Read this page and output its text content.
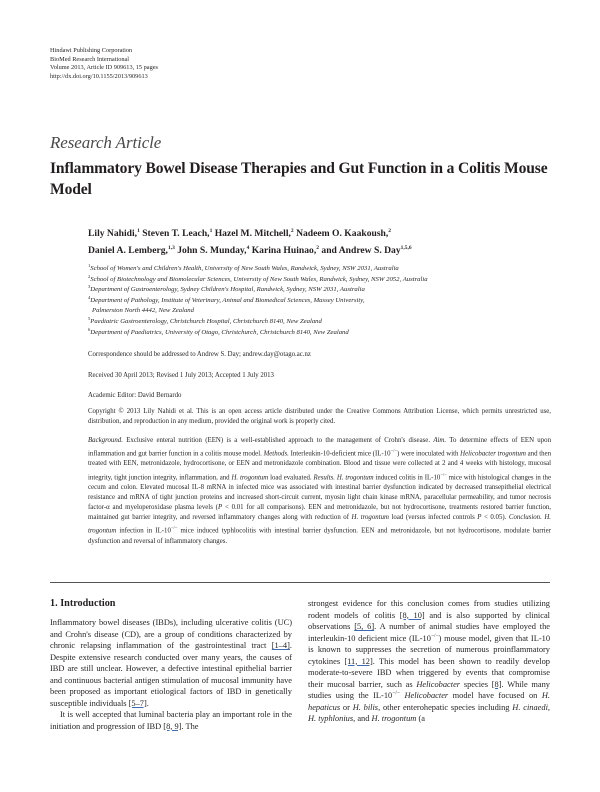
Hindawi Publishing Corporation
BioMed Research International
Volume 2013, Article ID 909613, 15 pages
http://dx.doi.org/10.1155/2013/909613
Research Article
Inflammatory Bowel Disease Therapies and Gut Function in a Colitis Mouse Model
Lily Nahidi,$^1$ Steven T. Leach,$^1$ Hazel M. Mitchell,$^2$ Nadeem O. Kaakoush,$^2$
Daniel A. Lemberg,$^{1,3}$ John S. Munday,$^4$ Karina Huinao,$^2$ and Andrew S. Day$^{1,5,6}$
$^1$School of Women's and Children's Health, University of New South Wales, Randwick, Sydney, NSW 2031, Australia
$^2$School of Biotechnology and Biomolecular Sciences, University of New South Wales, Randwick, Sydney, NSW 2052, Australia
$^3$Department of Gastroenterology, Sydney Children's Hospital, Randwick, Sydney, NSW 2031, Australia
$^4$Department of Pathology, Institute of Veterinary, Animal and Biomedical Sciences, Massey University,
Palmerston North 4442, New Zealand
$^5$Paediatric Gastroenterology, Christchurch Hospital, Christchurch 8140, New Zealand
$^6$Department of Paediatrics, University of Otago, Christchurch, Christchurch 8140, New Zealand
Correspondence should be addressed to Andrew S. Day; andrew.day@otago.ac.nz
Received 30 April 2013; Revised 1 July 2013; Accepted 1 July 2013
Academic Editor: David Bernardo
Copyright © 2013 Lily Nahidi et al. This is an open access article distributed under the Creative Commons Attribution License, which permits unrestricted use, distribution, and reproduction in any medium, provided the original work is properly cited.
Background. Exclusive enteral nutrition (EEN) is a well-established approach to the management of Crohn's disease. Aim. To determine effects of EEN upon inflammation and gut barrier function in a colitis mouse model. Methods. Interleukin-10-deficient mice (IL-10−/−) were inoculated with Helicobacter trogontum and then treated with EEN, metronidazole, hydrocortisone, or EEN and metronidazole combination. Blood and tissue were collected at 2 and 4 weeks with histology, mucosal integrity, tight junction integrity, inflammation, and H. trogontum load evaluated. Results. H. trogontum induced colitis in IL-10−/− mice with histological changes in the cecum and colon. Elevated mucosal IL-8 mRNA in infected mice was associated with intestinal barrier dysfunction indicated by decreased transepithelial electrical resistance and mRNA of tight junction proteins and increased short-circuit current, myosin light chain kinase mRNA, paracellular permeability, and tumor necrosis factor-α and myeloperoxidase plasma levels (P < 0.01 for all comparisons). EEN and metronidazole, but not hydrocortisone, treatments restored barrier function, maintained gut barrier integrity, and reversed inflammatory changes along with reduction of H. trogontum load (versus infected controls P < 0.05). Conclusion. H. trogontum infection in IL-10−/− mice induced typhlocolitis with intestinal barrier dysfunction. EEN and metronidazole, but not hydrocortisone, modulate barrier dysfunction and reversal of inflammatory changes.
1. Introduction

Inflammatory bowel diseases (IBDs), including ulcerative colitis (UC) and Crohn's disease (CD), are a group of conditions characterized by chronic relapsing inflammation of the gastrointestinal tract [1–4]. Despite extensive research conducted over many years, the causes of IBD are still unclear. However, a defective intestinal epithelial barrier and continuous bacterial antigen stimulation of mucosal immunity have been proposed as important etiological factors of IBD in genetically susceptible individuals [5–7].

It is well accepted that luminal bacteria play an important role in the initiation and progression of IBD [8, 9]. The

strongest evidence for this conclusion comes from studies utilizing rodent models of colitis [8, 10] and is also supported by clinical observations [5, 6]. A number of animal studies have employed the interleukin-10 deficient mice (IL-10−/−) mouse model, given that IL-10 is known to suppresses the secretion of numerous proinflammatory cytokines [11, 12]. This model has been shown to readily develop moderate-to-severe IBD when triggered by events that compromise their mucosal barrier, such as Helicobacter species [8]. While many studies using the IL-10−/− Helicobacter model have focused on H. hepaticus or H. bilis, other enterohepatic species including H. cinaedi, H. typhlonius, and H. trogontum (a
